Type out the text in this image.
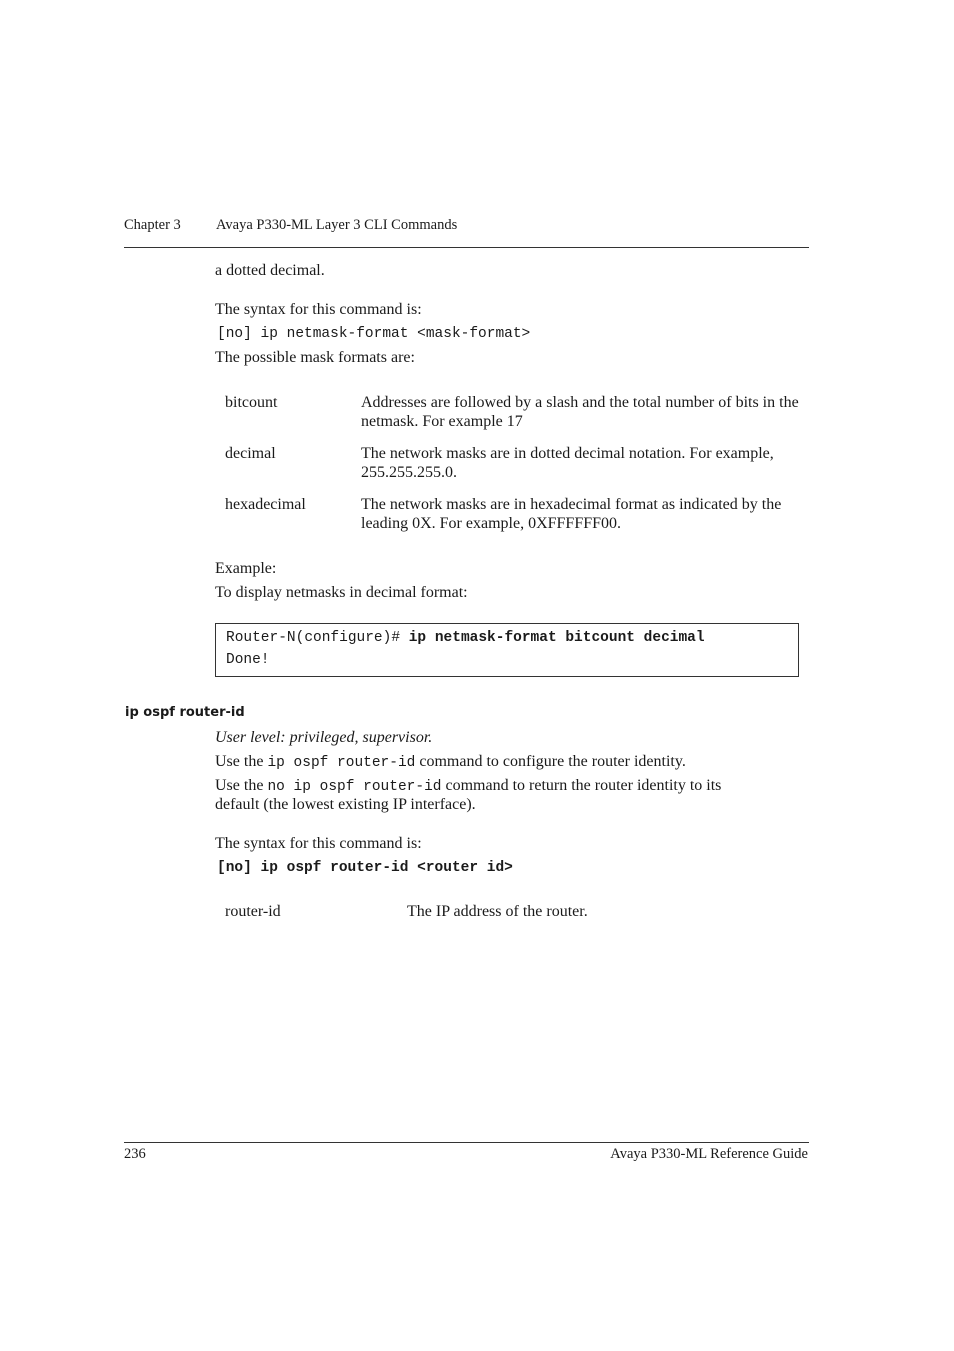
Chapter 3 Avaya P330-ML Layer 3 CLI Commands
a dotted decimal.
The syntax for this command is:
[no] ip netmask-format <mask-format>
The possible mask formats are:
bitcount	Addresses are followed by a slash and the total number of bits in the netmask. For example 17
decimal	The network masks are in dotted decimal notation. For example, 255.255.255.0.
hexadecimal	The network masks are in hexadecimal format as indicated by the leading 0X. For example, 0XFFFFFF00.
Example:
To display netmasks in decimal format:
Router-N(configure)# ip netmask-format bitcount decimal
Done!
ip ospf router-id
User level: privileged, supervisor.
Use the ip ospf router-id command to configure the router identity.
Use the no ip ospf router-id command to return the router identity to its
default (the lowest existing IP interface).
The syntax for this command is:
[no] ip ospf router-id <router id>
router-id	The IP address of the router.
236	Avaya P330-ML Reference Guide
